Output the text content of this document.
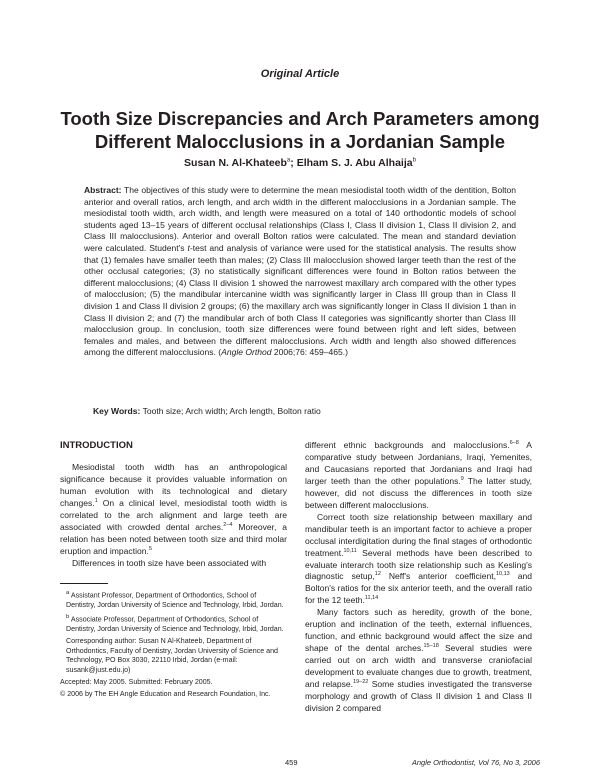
Original Article
Tooth Size Discrepancies and Arch Parameters among Different Malocclusions in a Jordanian Sample
Susan N. Al-Khateeb$^a$; Elham S. J. Abu Alhaija$^b$

Abstract: The objectives of this study were to determine the mean mesiodistal tooth width of the dentition, Bolton anterior and overall ratios, arch length, and arch width in the different malocclusions in a Jordanian sample. The mesiodistal tooth width, arch width, and length were measured on a total of 140 orthodontic models of school students aged 13–15 years of different occlusal relationships (Class I, Class II division 1, Class II division 2, and Class III malocclusions). Anterior and overall Bolton ratios were calculated. The mean and standard deviation were calculated. Student's t-test and analysis of variance were used for the statistical analysis. The results show that (1) females have smaller teeth than males; (2) Class III malocclusion showed larger teeth than the rest of the other occlusal categories; (3) no statistically significant differences were found in Bolton ratios between the different malocclusions; (4) Class II division 1 showed the narrowest maxillary arch compared with the other types of malocclusion; (5) the mandibular intercanine width was significantly larger in Class III group than in Class II division 1 and Class II division 2 groups; (6) the maxillary arch was significantly longer in Class II division 1 than in Class II division 2; and (7) the mandibular arch of both Class II categories was significantly shorter than Class III malocclusion group. In conclusion, tooth size differences were found between right and left sides, between females and males, and between the different malocclusions. Arch width and length also showed differences among the different malocclusions. (Angle Orthod 2006;76: 459–465.)

Key Words: Tooth size; Arch width; Arch length, Bolton ratio
INTRODUCTION

Mesiodistal tooth width has an anthropological significance because it provides valuable information on human evolution with its technological and dietary changes.$^1$ On a clinical level, mesiodistal tooth width is correlated to the arch alignment and large teeth are associated with crowded dental arches.$^{2-4}$ Moreover, a relation has been noted between tooth size and third molar eruption and impaction.$^5$

Differences in tooth size have been associated with

$^a$ Assistant Professor, Department of Orthodontics, School of Dentistry, Jordan University of Science and Technology, Irbid, Jordan.

$^b$ Associate Professor, Department of Orthodontics, School of Dentistry, Jordan University of Science and Technology, Irbid, Jordan.

Corresponding author: Susan N Al-Khateeb, Department of Orthodontics, Faculty of Dentistry, Jordan University of Science and Technology, PO Box 3030, 22110 Irbid, Jordan (e-mail: susank@just.edu.jo)

Accepted: May 2005. Submitted: February 2005.

© 2006 by The EH Angle Education and Research Foundation, Inc.

different ethnic backgrounds and malocclusions.$^{6-8}$ A comparative study between Jordanians, Iraqi, Yemenites, and Caucasians reported that Jordanians and Iraqi had larger teeth than the other populations.$^9$ The latter study, however, did not discuss the differences in tooth size between different malocclusions.

Correct tooth size relationship between maxillary and mandibular teeth is an important factor to achieve a proper occlusal interdigitation during the final stages of orthodontic treatment.$^{10,11}$ Several methods have been described to evaluate interarch tooth size relationship such as Kesling's diagnostic setup,$^{12}$ Neff's anterior coefficient,$^{10,13}$ and Bolton's ratios for the six anterior teeth, and the overall ratio for the 12 teeth.$^{11,14}$

Many factors such as heredity, growth of the bone, eruption and inclination of the teeth, external influences, function, and ethnic background would affect the size and shape of the dental arches.$^{15-18}$ Several studies were carried out on arch width and transverse craniofacial development to evaluate changes due to growth, treatment, and relapse.$^{19-22}$ Some studies investigated the transverse morphology and growth of Class II division 1 and Class II division 2 compared

459	Angle Orthodontist, Vol 76, No 3, 2006
